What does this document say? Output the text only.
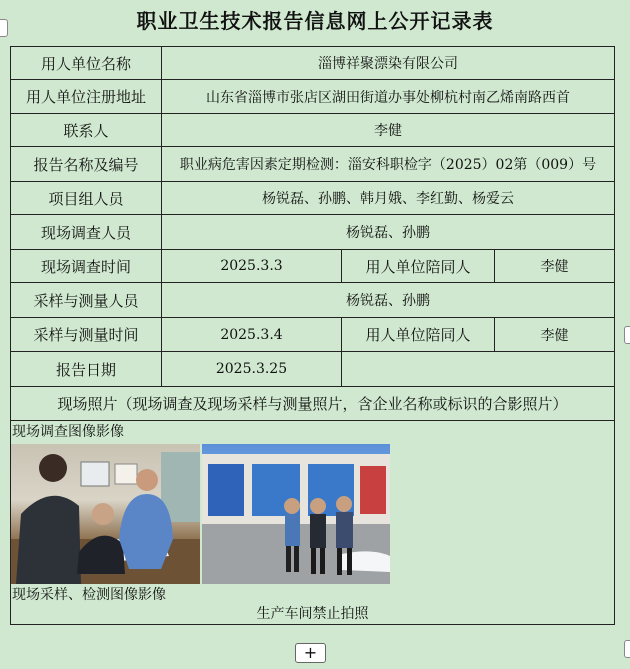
职业卫生技术报告信息网上公开记录表
用人单位名称	淄博祥聚漂染有限公司		
用人单位注册地址	山东省淄博市张店区湖田街道办事处柳杭村南乙烯南路西首		
联系人	李健		
报告名称及编号	职业病危害因素定期检测：淄安科职检字（2025）02第（009）号		
项目组人员	杨锐磊、孙鹏、韩月娥、李红勤、杨爱云		
现场调查人员	杨锐磊、孙鹏		
现场调查时间	2025.3.3	用人单位陪同人	李健
采样与测量人员	杨锐磊、孙鹏		
采样与测量时间	2025.3.4	用人单位陪同人	李健
报告日期	2025.3.25		
现场照片（现场调查及现场采样与测量照片，含企业名称或标识的合影照片）			

现场调查图像影像
现场采样、检测图像影像
生产车间禁止拍照			
+
